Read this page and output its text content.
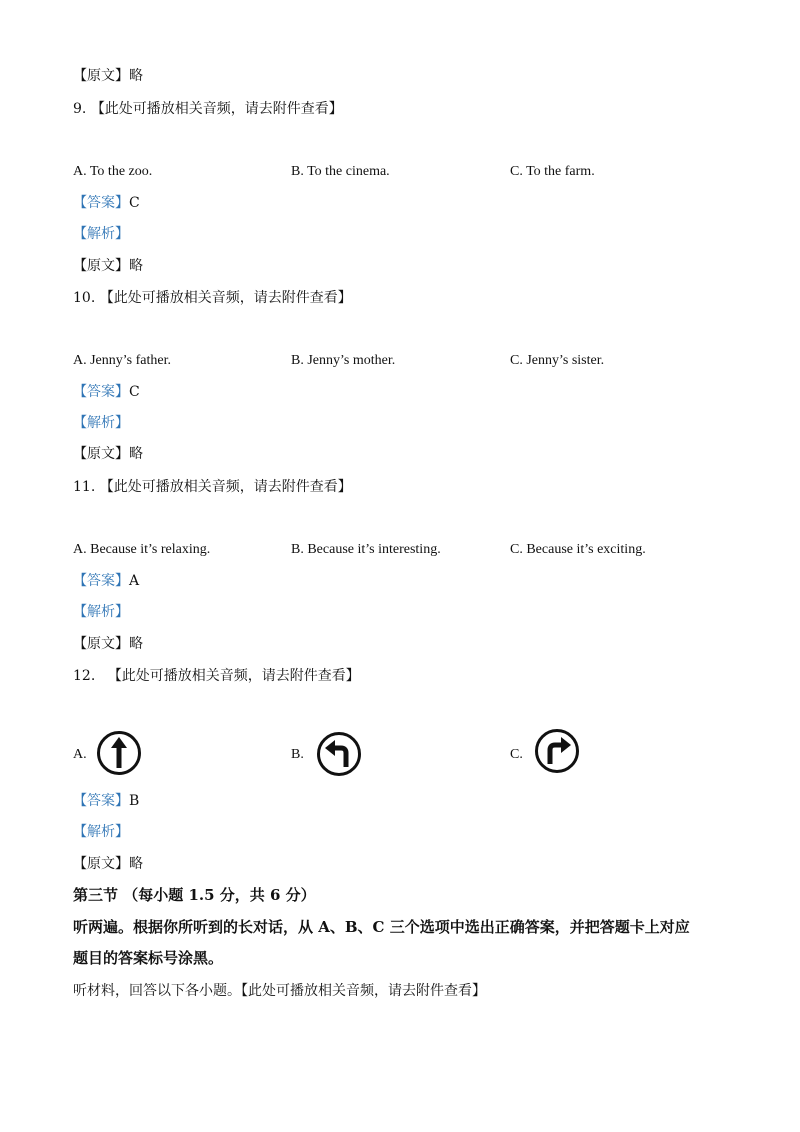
【原文】略
9. 【此处可播放相关音频，请去附件查看】
A. To the zoo.	B. To the cinema.	C. To the farm.
【答案】C
【解析】
【原文】略
10. 【此处可播放相关音频，请去附件查看】
A. Jenny’s father.	B. Jenny’s mother.	C. Jenny’s sister.
【答案】C
【解析】
【原文】略
11. 【此处可播放相关音频，请去附件查看】
A. Because it’s relaxing.	B. Because it’s interesting.	C. Because it’s exciting.
【答案】A
【解析】
【原文】略
12. 【此处可播放相关音频，请去附件查看】
A.	B.	C.
【答案】B
【解析】
【原文】略
第三节 （每小题 1.5 分，共 6 分）
听两遍。根据你所听到的长对话，从 A、B、C 三个选项中选出正确答案，并把答题卡上对应
题目的答案标号涂黑。
听材料，回答以下各小题。【此处可播放相关音频，请去附件查看】
